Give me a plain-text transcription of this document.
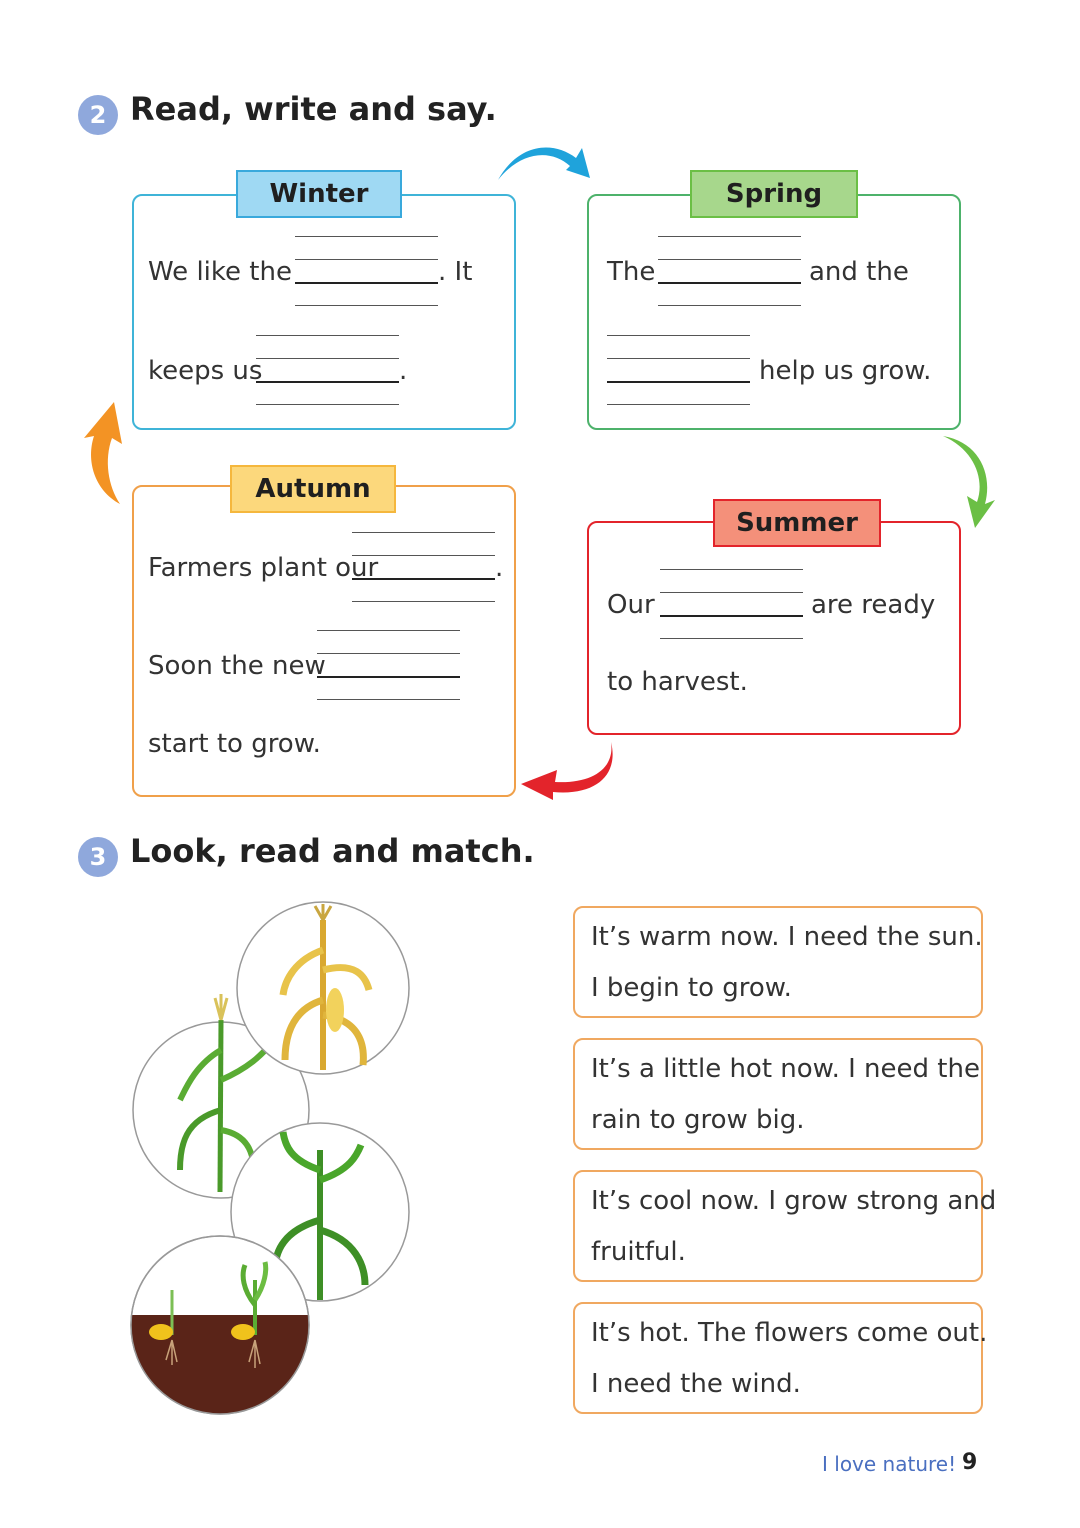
2 Read, write and say.
Winter
We like the	. It
keeps us	.
Spring
The	and the
help us grow.
Autumn
Farmers plant our	.
Soon the new
start to grow.
Summer
Our	are ready
to harvest.
3 Look, read and match.
It’s warm now. I need the sun.
I begin to grow.
It’s a little hot now. I need the
rain to grow big.
It’s cool now. I grow strong and
fruitful.
It’s hot. The flowers come out.
I need the wind.
I love nature! 9
